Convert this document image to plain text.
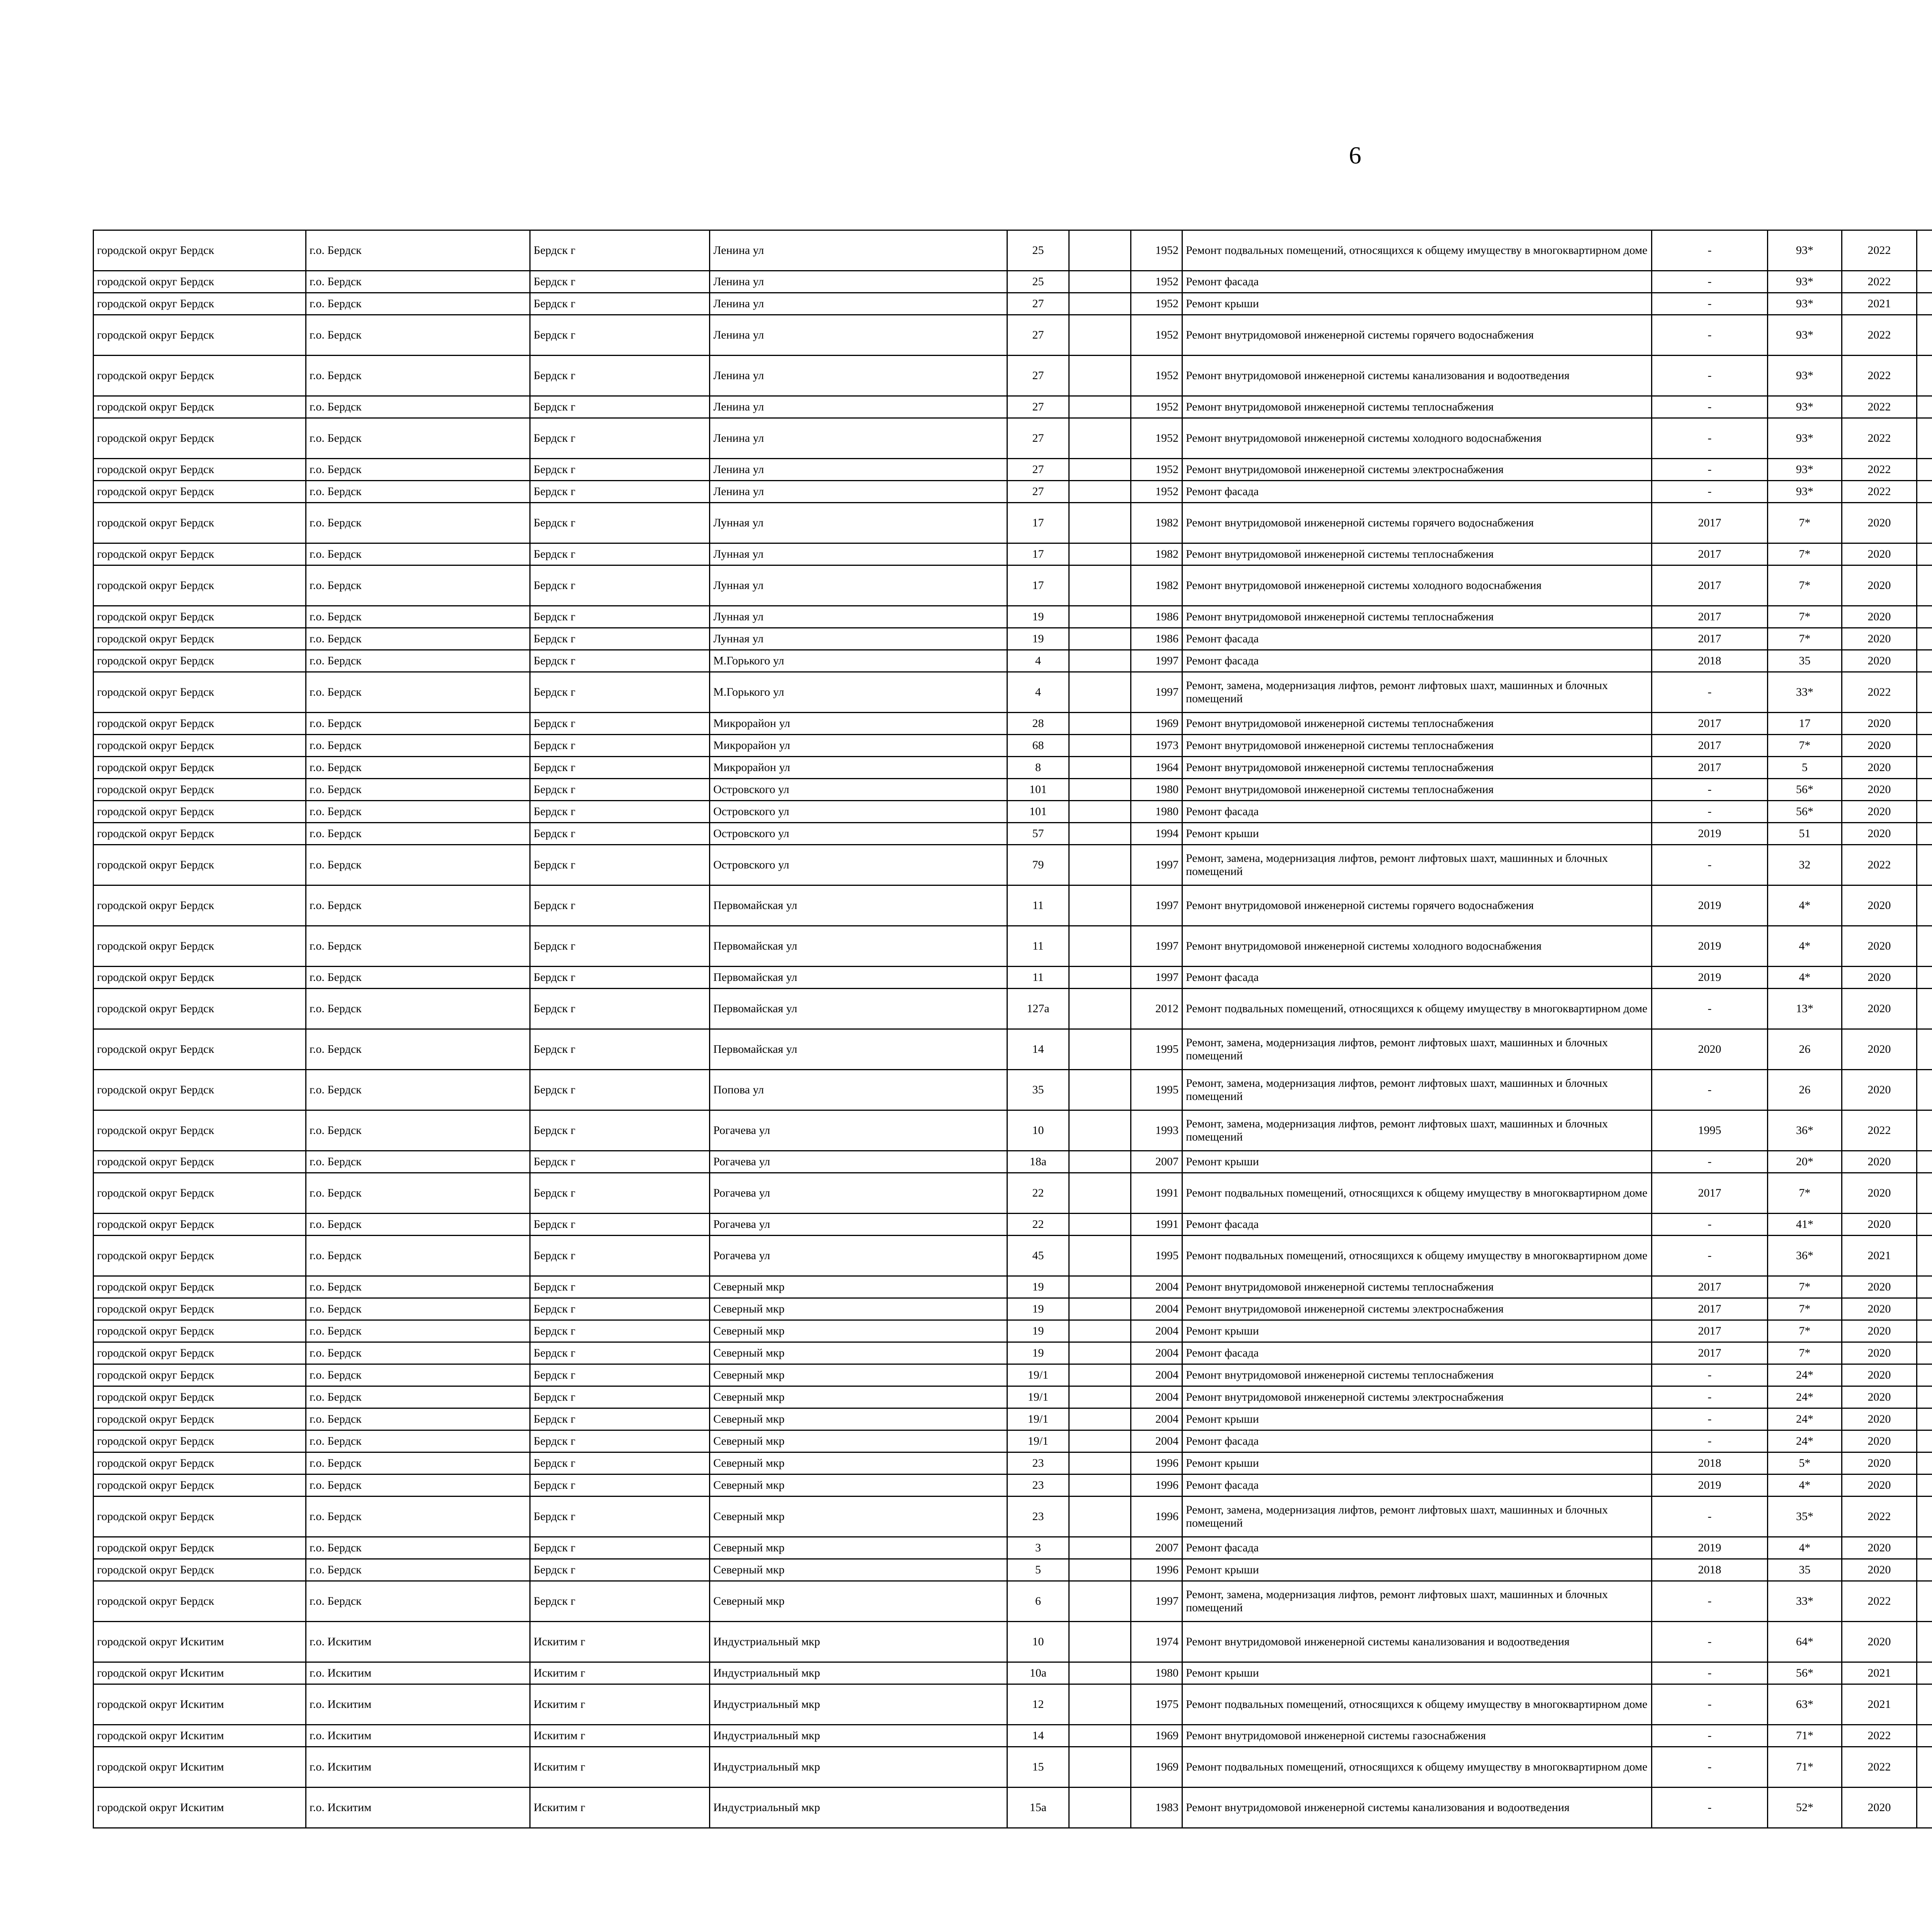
6
городской округ Бердск	г.о. Бердск	Бердск г	Ленина ул	25		1952	Ремонт подвальных помещений, относящихся к общему имуществу в многоквартирном доме	-	93*	2022						
городской округ Бердск	г.о. Бердск	Бердск г	Ленина ул	25		1952	Ремонт фасада	-	93*	2022						
городской округ Бердск	г.о. Бердск	Бердск г	Ленина ул	27		1952	Ремонт крыши	-	93*	2021						
городской округ Бердск	г.о. Бердск	Бердск г	Ленина ул	27		1952	Ремонт внутридомовой инженерной системы горячего водоснабжения	-	93*	2022						
городской округ Бердск	г.о. Бердск	Бердск г	Ленина ул	27		1952	Ремонт внутридомовой инженерной системы канализования и водоотведения	-	93*	2022						
городской округ Бердск	г.о. Бердск	Бердск г	Ленина ул	27		1952	Ремонт внутридомовой инженерной системы теплоснабжения	-	93*	2022						
городской округ Бердск	г.о. Бердск	Бердск г	Ленина ул	27		1952	Ремонт внутридомовой инженерной системы холодного водоснабжения	-	93*	2022						
городской округ Бердск	г.о. Бердск	Бердск г	Ленина ул	27		1952	Ремонт внутридомовой инженерной системы электроснабжения	-	93*	2022						
городской округ Бердск	г.о. Бердск	Бердск г	Ленина ул	27		1952	Ремонт фасада	-	93*	2022						
городской округ Бердск	г.о. Бердск	Бердск г	Лунная ул	17		1982	Ремонт внутридомовой инженерной системы горячего водоснабжения	2017	7*	2020						
городской округ Бердск	г.о. Бердск	Бердск г	Лунная ул	17		1982	Ремонт внутридомовой инженерной системы теплоснабжения	2017	7*	2020						
городской округ Бердск	г.о. Бердск	Бердск г	Лунная ул	17		1982	Ремонт внутридомовой инженерной системы холодного водоснабжения	2017	7*	2020						
городской округ Бердск	г.о. Бердск	Бердск г	Лунная ул	19		1986	Ремонт внутридомовой инженерной системы теплоснабжения	2017	7*	2020						
городской округ Бердск	г.о. Бердск	Бердск г	Лунная ул	19		1986	Ремонт фасада	2017	7*	2020						
городской округ Бердск	г.о. Бердск	Бердск г	М.Горького ул	4		1997	Ремонт фасада	2018	35	2020						
городской округ Бердск	г.о. Бердск	Бердск г	М.Горького ул	4		1997	Ремонт, замена, модернизация лифтов, ремонт лифтовых шахт, машинных и блочных помещений	-	33*	2022						
городской округ Бердск	г.о. Бердск	Бердск г	Микрорайон ул	28		1969	Ремонт внутридомовой инженерной системы теплоснабжения	2017	17	2020						
городской округ Бердск	г.о. Бердск	Бердск г	Микрорайон ул	68		1973	Ремонт внутридомовой инженерной системы теплоснабжения	2017	7*	2020						
городской округ Бердск	г.о. Бердск	Бердск г	Микрорайон ул	8		1964	Ремонт внутридомовой инженерной системы теплоснабжения	2017	5	2020						
городской округ Бердск	г.о. Бердск	Бердск г	Островского ул	101		1980	Ремонт внутридомовой инженерной системы теплоснабжения	-	56*	2020						
городской округ Бердск	г.о. Бердск	Бердск г	Островского ул	101		1980	Ремонт фасада	-	56*	2020						
городской округ Бердск	г.о. Бердск	Бердск г	Островского ул	57		1994	Ремонт крыши	2019	51	2020						
городской округ Бердск	г.о. Бердск	Бердск г	Островского ул	79		1997	Ремонт, замена, модернизация лифтов, ремонт лифтовых шахт, машинных и блочных помещений	-	32	2022						
городской округ Бердск	г.о. Бердск	Бердск г	Первомайская ул	11		1997	Ремонт внутридомовой инженерной системы горячего водоснабжения	2019	4*	2020						
городской округ Бердск	г.о. Бердск	Бердск г	Первомайская ул	11		1997	Ремонт внутридомовой инженерной системы холодного водоснабжения	2019	4*	2020						
городской округ Бердск	г.о. Бердск	Бердск г	Первомайская ул	11		1997	Ремонт фасада	2019	4*	2020						
городской округ Бердск	г.о. Бердск	Бердск г	Первомайская ул	127а		2012	Ремонт подвальных помещений, относящихся к общему имуществу в многоквартирном доме	-	13*	2020						
городской округ Бердск	г.о. Бердск	Бердск г	Первомайская ул	14		1995	Ремонт, замена, модернизация лифтов, ремонт лифтовых шахт, машинных и блочных помещений	2020	26	2020						
городской округ Бердск	г.о. Бердск	Бердск г	Попова ул	35		1995	Ремонт, замена, модернизация лифтов, ремонт лифтовых шахт, машинных и блочных помещений	-	26	2020						
городской округ Бердск	г.о. Бердск	Бердск г	Рогачева ул	10		1993	Ремонт, замена, модернизация лифтов, ремонт лифтовых шахт, машинных и блочных помещений	1995	36*	2022						
городской округ Бердск	г.о. Бердск	Бердск г	Рогачева ул	18а		2007	Ремонт крыши	-	20*	2020						
городской округ Бердск	г.о. Бердск	Бердск г	Рогачева ул	22		1991	Ремонт подвальных помещений, относящихся к общему имуществу в многоквартирном доме	2017	7*	2020						
городской округ Бердск	г.о. Бердск	Бердск г	Рогачева ул	22		1991	Ремонт фасада	-	41*	2020						
городской округ Бердск	г.о. Бердск	Бердск г	Рогачева ул	45		1995	Ремонт подвальных помещений, относящихся к общему имуществу в многоквартирном доме	-	36*	2021						
городской округ Бердск	г.о. Бердск	Бердск г	Северный мкр	19		2004	Ремонт внутридомовой инженерной системы теплоснабжения	2017	7*	2020						
городской округ Бердск	г.о. Бердск	Бердск г	Северный мкр	19		2004	Ремонт внутридомовой инженерной системы электроснабжения	2017	7*	2020						
городской округ Бердск	г.о. Бердск	Бердск г	Северный мкр	19		2004	Ремонт крыши	2017	7*	2020						
городской округ Бердск	г.о. Бердск	Бердск г	Северный мкр	19		2004	Ремонт фасада	2017	7*	2020						
городской округ Бердск	г.о. Бердск	Бердск г	Северный мкр	19/1		2004	Ремонт внутридомовой инженерной системы теплоснабжения	-	24*	2020						
городской округ Бердск	г.о. Бердск	Бердск г	Северный мкр	19/1		2004	Ремонт внутридомовой инженерной системы электроснабжения	-	24*	2020						
городской округ Бердск	г.о. Бердск	Бердск г	Северный мкр	19/1		2004	Ремонт крыши	-	24*	2020						
городской округ Бердск	г.о. Бердск	Бердск г	Северный мкр	19/1		2004	Ремонт фасада	-	24*	2020						
городской округ Бердск	г.о. Бердск	Бердск г	Северный мкр	23		1996	Ремонт крыши	2018	5*	2020						
городской округ Бердск	г.о. Бердск	Бердск г	Северный мкр	23		1996	Ремонт фасада	2019	4*	2020						
городской округ Бердск	г.о. Бердск	Бердск г	Северный мкр	23		1996	Ремонт, замена, модернизация лифтов, ремонт лифтовых шахт, машинных и блочных помещений	-	35*	2022						
городской округ Бердск	г.о. Бердск	Бердск г	Северный мкр	3		2007	Ремонт фасада	2019	4*	2020						
городской округ Бердск	г.о. Бердск	Бердск г	Северный мкр	5		1996	Ремонт крыши	2018	35	2020						
городской округ Бердск	г.о. Бердск	Бердск г	Северный мкр	6		1997	Ремонт, замена, модернизация лифтов, ремонт лифтовых шахт, машинных и блочных помещений	-	33*	2022						
городской округ Искитим	г.о. Искитим	Искитим г	Индустриальный мкр	10		1974	Ремонт внутридомовой инженерной системы канализования и водоотведения	-	64*	2020						
городской округ Искитим	г.о. Искитим	Искитим г	Индустриальный мкр	10а		1980	Ремонт крыши	-	56*	2021						
городской округ Искитим	г.о. Искитим	Искитим г	Индустриальный мкр	12		1975	Ремонт подвальных помещений, относящихся к общему имуществу в многоквартирном доме	-	63*	2021						
городской округ Искитим	г.о. Искитим	Искитим г	Индустриальный мкр	14		1969	Ремонт внутридомовой инженерной системы газоснабжения	-	71*	2022						
городской округ Искитим	г.о. Искитим	Искитим г	Индустриальный мкр	15		1969	Ремонт подвальных помещений, относящихся к общему имуществу в многоквартирном доме	-	71*	2022						
городской округ Искитим	г.о. Искитим	Искитим г	Индустриальный мкр	15а		1983	Ремонт внутридомовой инженерной системы канализования и водоотведения	-	52*	2020						
